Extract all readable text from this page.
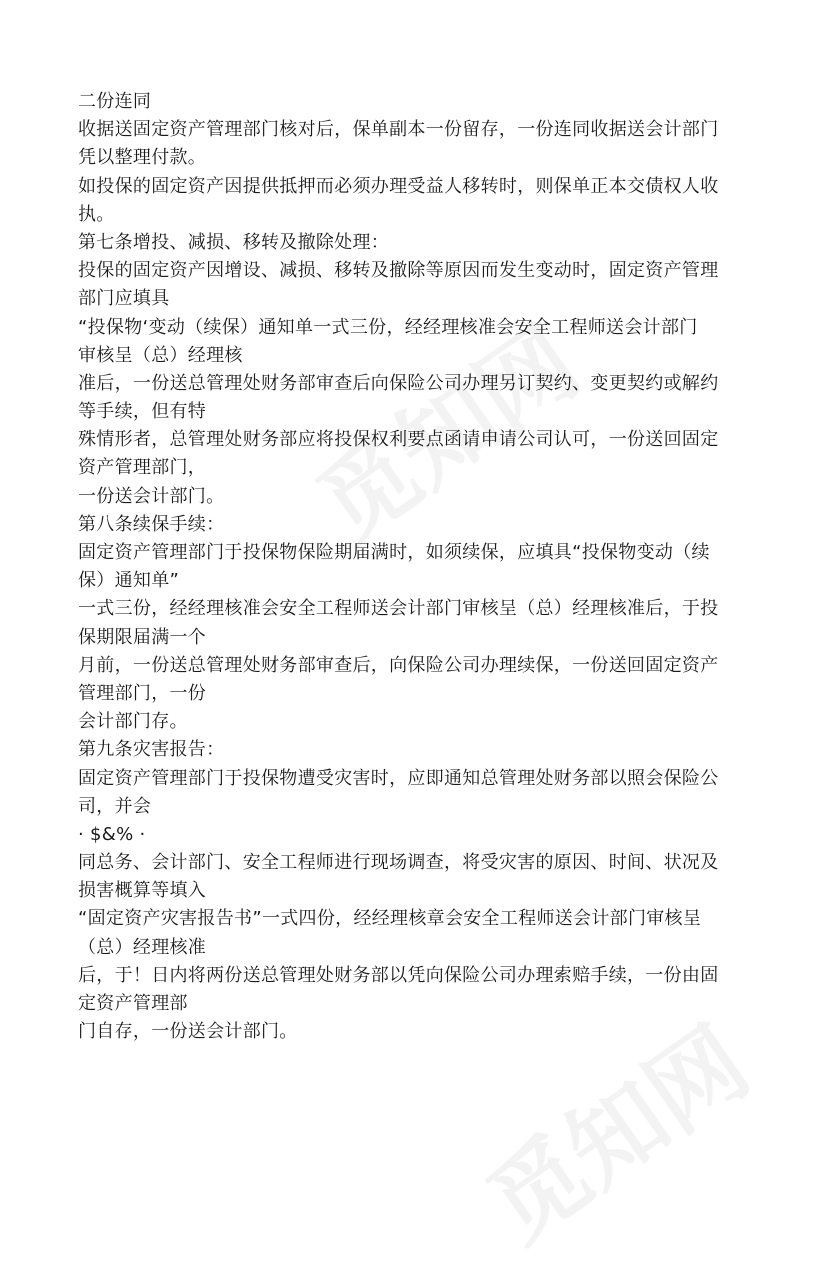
二份连同
收据送固定资产管理部门核对后，保单副本一份留存，一份连同收据送会计部门
凭以整理付款。
如投保的固定资产因提供抵押而必须办理受益人移转时，则保单正本交债权人收
执。
第七条增投、减损、移转及撤除处理：
投保的固定资产因增设、减损、移转及撤除等原因而发生变动时，固定资产管理
部门应填具
“投保物‘变动（续保）通知单一式三份，经经理核准会安全工程师送会计部门
审核呈（总）经理核
准后，一份送总管理处财务部审查后向保险公司办理另订契约、变更契约或解约
等手续，但有特
殊情形者，总管理处财务部应将投保权利要点函请申请公司认可，一份送回固定
资产管理部门，
一份送会计部门。
第八条续保手续：
固定资产管理部门于投保物保险期届满时，如须续保，应填具“投保物变动（续
保）通知单”
一式三份，经经理核准会安全工程师送会计部门审核呈（总）经理核准后，于投
保期限届满一个
月前，一份送总管理处财务部审查后，向保险公司办理续保，一份送回固定资产
管理部门，一份
会计部门存。
第九条灾害报告：
固定资产管理部门于投保物遭受灾害时，应即通知总管理处财务部以照会保险公
司，并会
· $&% ·
同总务、会计部门、安全工程师进行现场调查，将受灾害的原因、时间、状况及
损害概算等填入
“固定资产灾害报告书”一式四份，经经理核章会安全工程师送会计部门审核呈
（总）经理核准
后，于！日内将两份送总管理处财务部以凭向保险公司办理索赔手续，一份由固
定资产管理部
门自存，一份送会计部门。
